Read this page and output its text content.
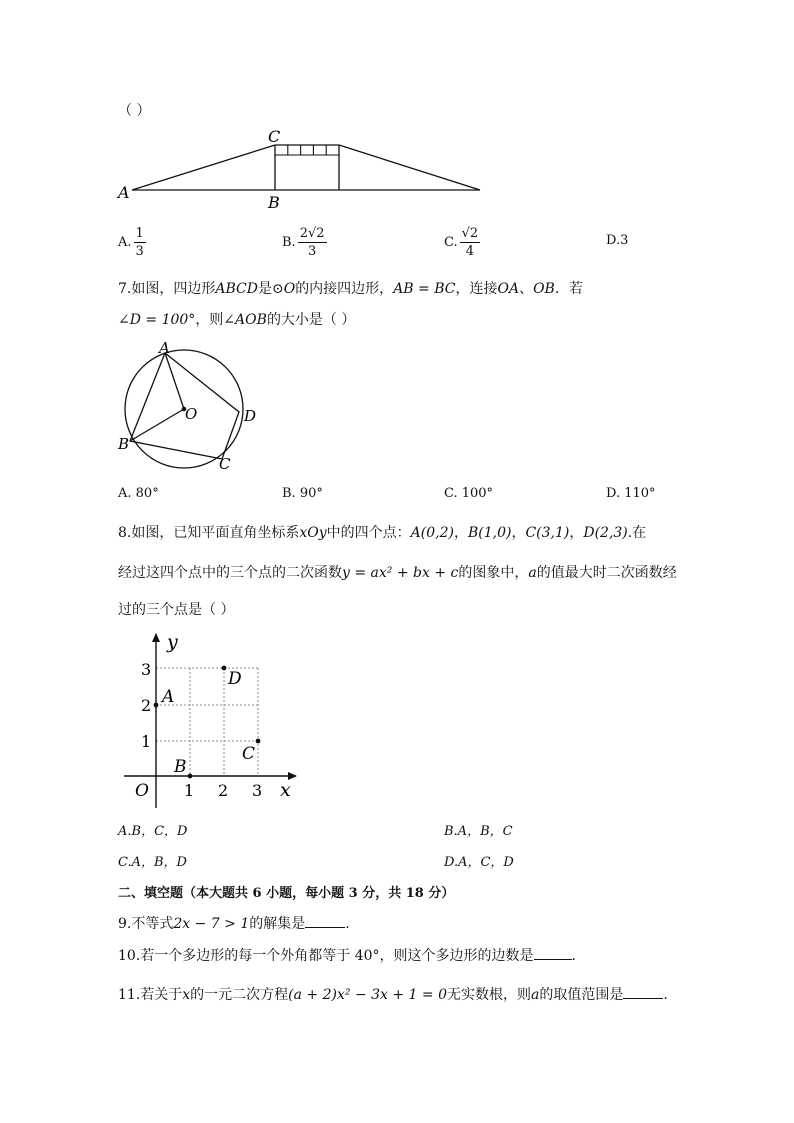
（ ）
A
C
B
A. $\frac{1}{3}$	B. $\frac{2√2}{3}$	C. $\frac{√2}{4}$	D.3
7.如图，四边形ABCD是⊙O的内接四边形，AB = BC，连接OA、OB．若
∠D = 100°，则∠AOB的大小是（ ）
A
O	D
B
C
A. 80°	B. 90°	C. 100°	D. 110°
8.如图，已知平面直角坐标系xOy中的四个点：A(0,2)，B(1,0)，C(3,1)，D(2,3).在
经过这四个点中的三个点的二次函数y = ax² + bx + c的图象中，a的值最大时二次函数经
过的三个点是（ ）
y
x
O 1 2 3
1
2
3
A
B
C
D
A.B，C，D	B.A，B，C
C.A，B，D	D.A，C，D
二、填空题（本大题共 6 小题，每小题 3 分，共 18 分）
9.不等式2x − 7 > 1的解集是	.
10.若一个多边形的每一个外角都等于 40°，则这个多边形的边数是	.
11.若关于x的一元二次方程(a + 2)x² − 3x + 1 = 0无实数根，则a的取值范围是	.
